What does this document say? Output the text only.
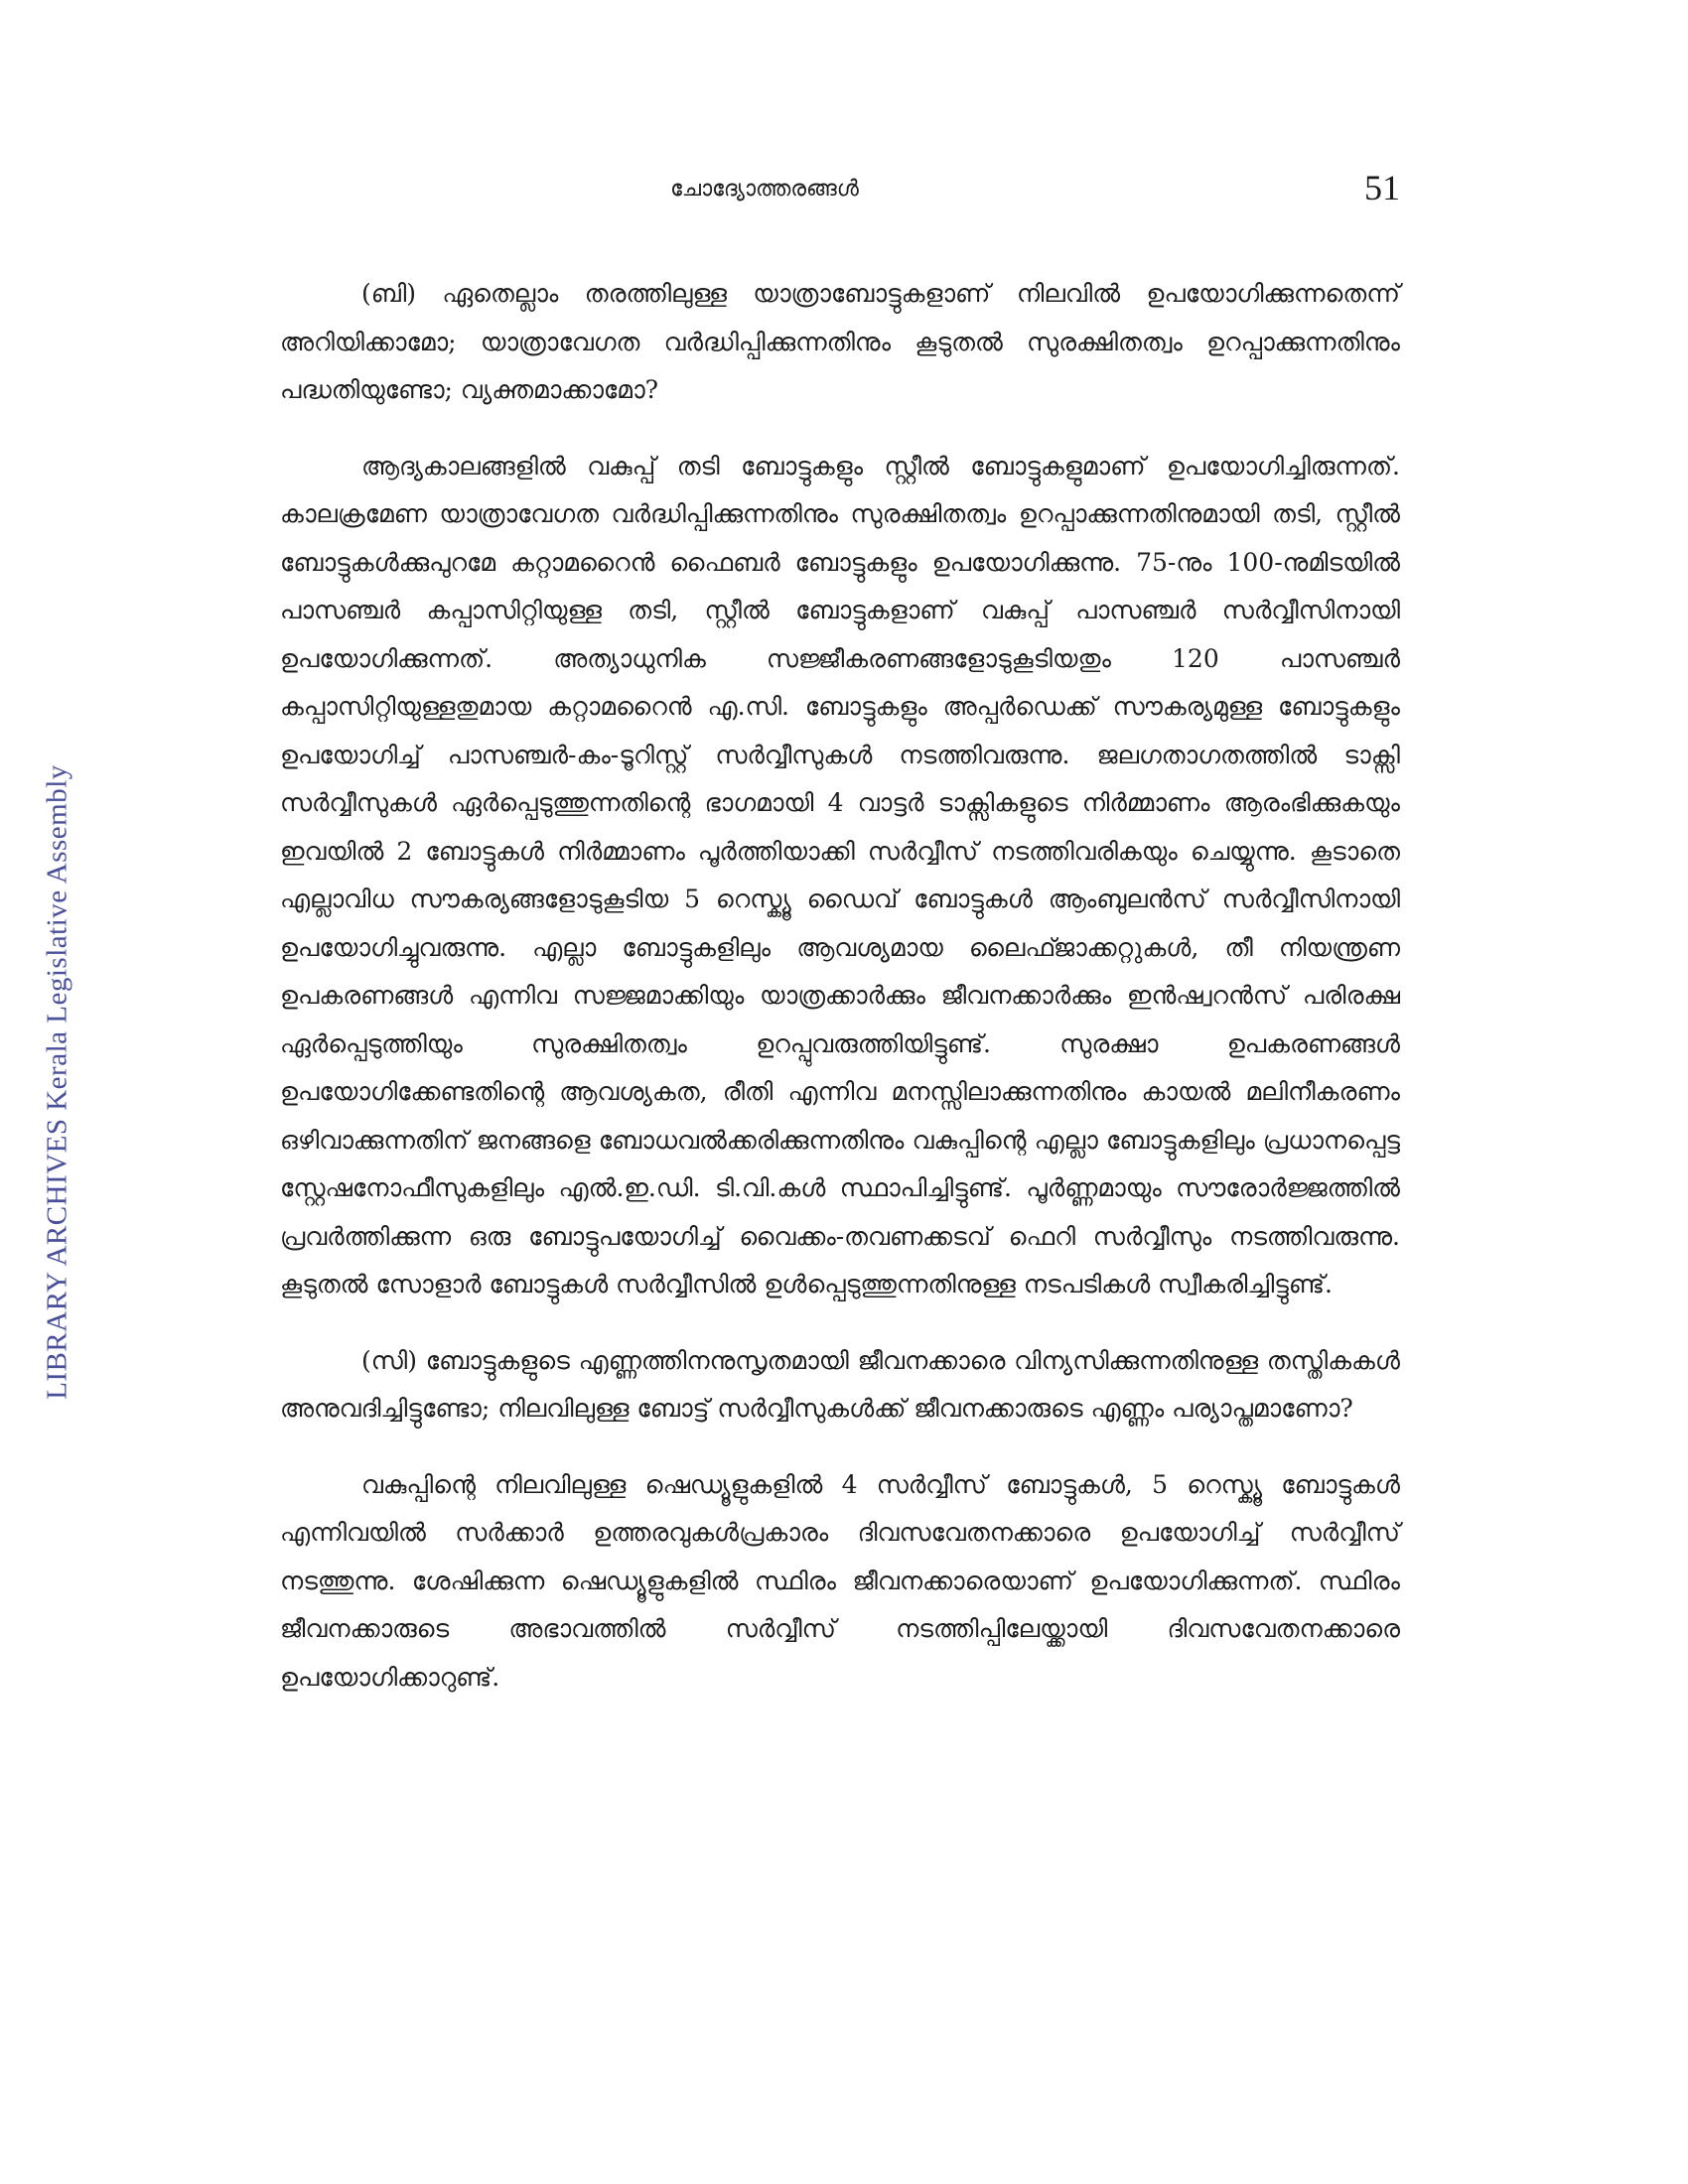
ചോദ്യോത്തരങ്ങൾ	51
LIBRARY ARCHIVES Kerala Legislative Assembly

(ബി) ഏതെല്ലാം തരത്തിലുള്ള യാത്രാബോട്ടുകളാണ് നിലവിൽ ഉപയോഗിക്കുന്നതെന്ന് അറിയിക്കാമോ; യാത്രാവേഗത വർദ്ധിപ്പിക്കുന്നതിനും കൂടുതൽ സുരക്ഷിതത്വം ഉറപ്പാക്കുന്നതിനും പദ്ധതിയുണ്ടോ; വ്യക്തമാക്കാമോ?

ആദ്യകാലങ്ങളിൽ വകുപ്പ് തടി ബോട്ടുകളും സ്റ്റീൽ ബോട്ടുകളുമാണ് ഉപയോഗിച്ചിരുന്നത്. കാലക്രമേണ യാത്രാവേഗത വർദ്ധിപ്പിക്കുന്നതിനും സുരക്ഷിതത്വം ഉറപ്പാക്കുന്നതിനുമായി തടി, സ്റ്റീൽ ബോട്ടുകൾക്കുപുറമേ കറ്റാമറൈൻ ഫൈബർ ബോട്ടുകളും ഉപയോഗിക്കുന്നു. 75-നും 100-നുമിടയിൽ പാസഞ്ചർ കപ്പാസിറ്റിയുള്ള തടി, സ്റ്റീൽ ബോട്ടുകളാണ് വകുപ്പ് പാസഞ്ചർ സർവ്വീസിനായി ഉപയോഗിക്കുന്നത്. അത്യാധുനിക സജ്ജീകരണങ്ങളോടുകൂടിയതും 120 പാസഞ്ചർ കപ്പാസിറ്റിയുള്ളതുമായ കറ്റാമറൈൻ എ.സി. ബോട്ടുകളും അപ്പർഡെക്ക് സൗകര്യമുള്ള ബോട്ടുകളും ഉപയോഗിച്ച് പാസഞ്ചർ-കം-ടൂറിസ്റ്റ് സർവ്വീസുകൾ നടത്തിവരുന്നു. ജലഗതാഗതത്തിൽ ടാക്സി സർവ്വീസുകൾ ഏർപ്പെടുത്തുന്നതിന്റെ ഭാഗമായി 4 വാട്ടർ ടാക്സികളുടെ നിർമ്മാണം ആരംഭിക്കുകയും ഇവയിൽ 2 ബോട്ടുകൾ നിർമ്മാണം പൂർത്തിയാക്കി സർവ്വീസ് നടത്തിവരികയും ചെയ്യുന്നു. കൂടാതെ എല്ലാവിധ സൗകര്യങ്ങളോടുകൂടിയ 5 റെസ്ക്യൂ ഡൈവ് ബോട്ടുകൾ ആംബുലൻസ് സർവ്വീസിനായി ഉപയോഗിച്ചുവരുന്നു. എല്ലാ ബോട്ടുകളിലും ആവശ്യമായ ലൈഫ്ജാക്കറ്റുകൾ, തീ നിയന്ത്രണ ഉപകരണങ്ങൾ എന്നിവ സജ്ജമാക്കിയും യാത്രക്കാർക്കും ജീവനക്കാർക്കും ഇൻഷ്വറൻസ് പരിരക്ഷ ഏർപ്പെടുത്തിയും സുരക്ഷിതത്വം ഉറപ്പുവരുത്തിയിട്ടുണ്ട്. സുരക്ഷാ ഉപകരണങ്ങൾ ഉപയോഗിക്കേണ്ടതിന്റെ ആവശ്യകത, രീതി എന്നിവ മനസ്സിലാക്കുന്നതിനും കായൽ മലിനീകരണം ഒഴിവാക്കുന്നതിന് ജനങ്ങളെ ബോധവൽക്കരിക്കുന്നതിനും വകുപ്പിന്റെ എല്ലാ ബോട്ടുകളിലും പ്രധാനപ്പെട്ട സ്റ്റേഷനോഫീസുകളിലും എൽ.ഇ.ഡി. ടി.വി.കൾ സ്ഥാപിച്ചിട്ടുണ്ട്. പൂർണ്ണമായും സൗരോർജ്ജത്തിൽ പ്രവർത്തിക്കുന്ന ഒരു ബോട്ടുപയോഗിച്ച് വൈക്കം-തവണക്കടവ് ഫെറി സർവ്വീസും നടത്തിവരുന്നു. കൂടുതൽ സോളാർ ബോട്ടുകൾ സർവ്വീസിൽ ഉൾപ്പെടുത്തുന്നതിനുള്ള നടപടികൾ സ്വീകരിച്ചിട്ടുണ്ട്.

(സി) ബോട്ടുകളുടെ എണ്ണത്തിനനുസൃതമായി ജീവനക്കാരെ വിന്യസിക്കുന്നതിനുള്ള തസ്തികകൾ അനുവദിച്ചിട്ടുണ്ടോ; നിലവിലുള്ള ബോട്ട് സർവ്വീസുകൾക്ക് ജീവനക്കാരുടെ എണ്ണം പര്യാപ്തമാണോ?

വകുപ്പിന്റെ നിലവിലുള്ള ഷെഡ്യൂളുകളിൽ 4 സർവ്വീസ് ബോട്ടുകൾ, 5 റെസ്ക്യൂ ബോട്ടുകൾ എന്നിവയിൽ സർക്കാർ ഉത്തരവുകൾപ്രകാരം ദിവസവേതനക്കാരെ ഉപയോഗിച്ച് സർവ്വീസ് നടത്തുന്നു. ശേഷിക്കുന്ന ഷെഡ്യൂളുകളിൽ സ്ഥിരം ജീവനക്കാരെയാണ് ഉപയോഗിക്കുന്നത്. സ്ഥിരം ജീവനക്കാരുടെ അഭാവത്തിൽ സർവ്വീസ് നടത്തിപ്പിലേയ്ക്കായി ദിവസവേതനക്കാരെ ഉപയോഗിക്കാറുണ്ട്.
